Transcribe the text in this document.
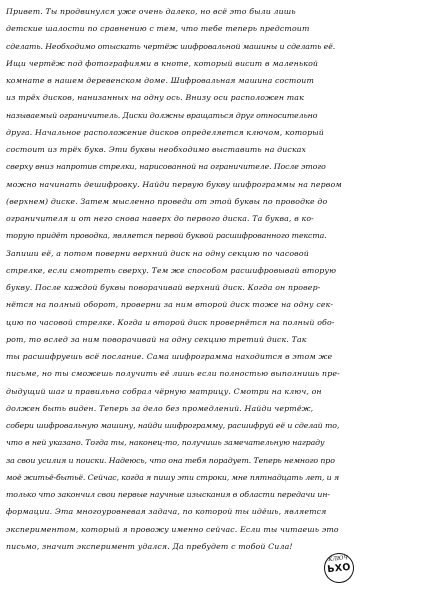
Привет. Ты продвинулся уже очень далеко, но всё это были лишь
детские шалости по сравнению с тем, что тебе теперь предстоит
сделать. Необходимо отыскать чертёж шифровальной машины и сделать её.
Ищи чертёж под фотографиями в кноте, который висит в маленькой
комнате в нашем деревенском доме. Шифровальная машина состоит
из трёх дисков, нанизанных на одну ось. Внизу оси расположен так
называемый ограничитель. Диски должны вращаться друг относительно
друга. Начальное расположение дисков определяется ключом, который
состоит из трёх букв. Эти буквы необходимо выставить на дисках
сверху вниз напротив стрелки, нарисованной на ограничителе. После этого
можно начинать дешифровку. Найди первую букву шифрограммы на первом
(верхнем) диске. Затем мысленно проведи от этой буквы по проводке до
ограничителя и от него снова наверх до первого диска. Та буква, в ко-
торую придёт проводка, является первой буквой расшифрованного текста.
Запиши её, а потом поверни верхний диск на одну секцию по часовой
стрелке, если смотреть сверху. Тем же способом расшифровывай вторую
букву. После каждой буквы поворачивай верхний диск. Когда он провер-
нётся на полный оборот, проверни за ним второй диск тоже на одну сек-
цию по часовой стрелке. Когда и второй диск провернётся на полный обо-
рот, то вслед за ним поворачивай на одну секцию третий диск. Так
ты расшифруешь всё послание. Сама шифрограмма находится в этом же
письме, но ты сможешь получить её лишь если полностью выполнишь пре-
дыдущий шаг и правильно собрал чёрную матрицу. Смотри на ключ, он
должен быть виден. Теперь за дело без промедлений. Найди чертёж,
собери шифровальную машину, найди шифрограмму, расшифруй её и сделай то,
что в ней указано. Тогда ты, наконец-то, получишь замечательную награду
за свои усилия и поиски. Надеюсь, что она тебя порадует. Теперь немного про
моё житьё-бытьё. Сейчас, когда я пишу эти строки, мне пятнадцать лет, и я
только что закончил свои первые научные изыскания в области передачи ин-
формации. Эта многоуровневая задача, по которой ты идёшь, является
экспериментом, который я провожу именно сейчас. Если ты читаешь это
письмо, значит эксперимент удался. Да пребудет с тобой Сила!
КЛЮЧ
ЬХО
